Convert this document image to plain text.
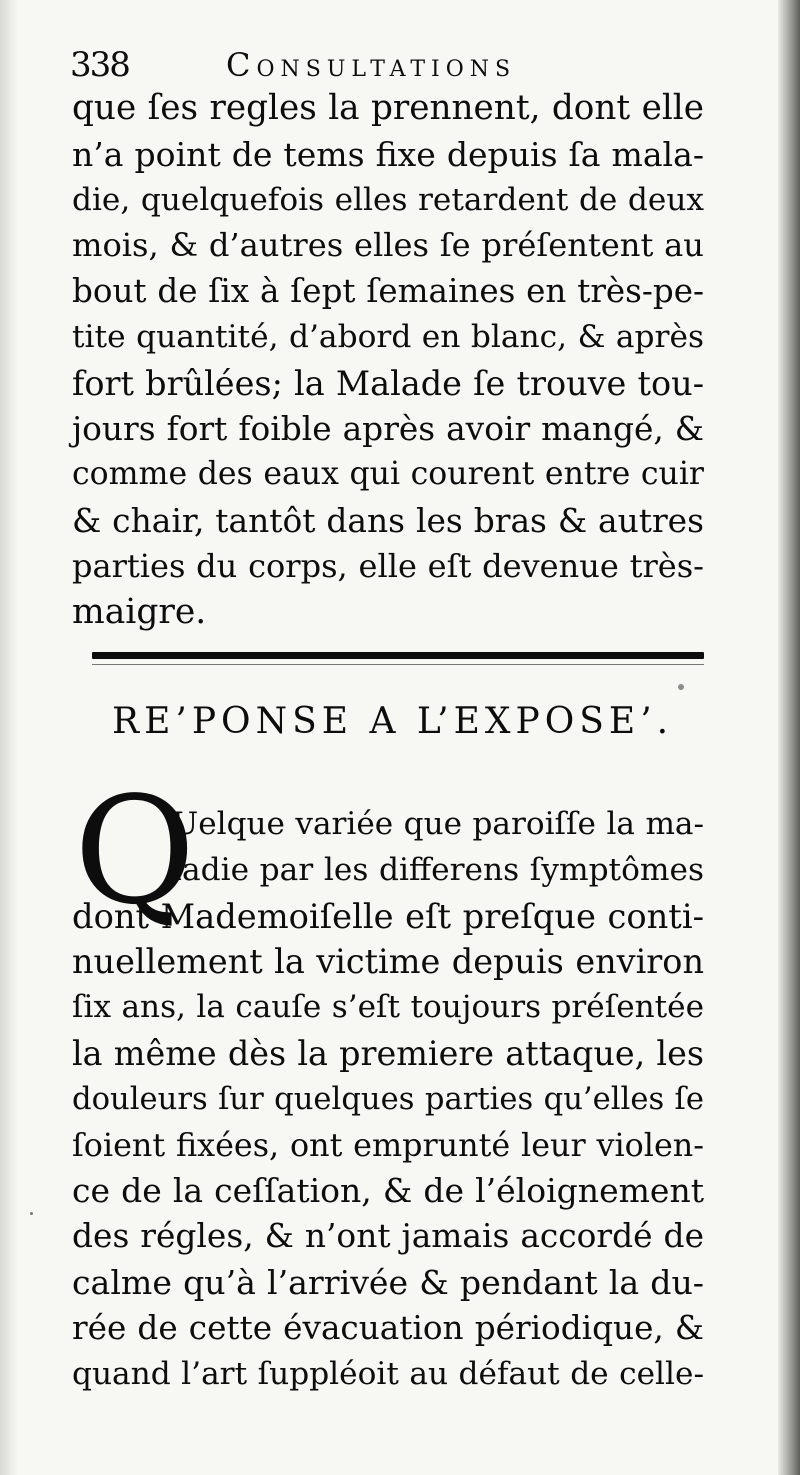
338	Consultations
que ſes regles la prennent, dont elle
n’a point de tems fixe depuis ſa mala-
die, quelquefois elles retardent de deux
mois, & d’autres elles ſe préſentent au
bout de ſix à ſept ſemaines en très-pe-
tite quantité, d’abord en blanc, & après
fort brûlées; la Malade ſe trouve tou-
jours fort foible après avoir mangé, &
comme des eaux qui courent entre cuir
& chair, tantôt dans les bras & autres
parties du corps, elle eſt devenue très-
maigre.
RE’PONSE A L’EXPOSE’.
Q
Uelque variée que paroiſſe la ma-
ladie par les differens ſymptômes
dont Mademoiſelle eſt preſque conti-
nuellement la victime depuis environ
ſix ans, la cauſe s’eſt toujours préſentée
la même dès la premiere attaque, les
douleurs ſur quelques parties qu’elles ſe
ſoient fixées, ont emprunté leur violen-
ce de la ceſſation, & de l’éloignement
des régles, & n’ont jamais accordé de
calme qu’à l’arrivée & pendant la du-
rée de cette évacuation périodique, &
quand l’art ſuppléoit au défaut de celle-
